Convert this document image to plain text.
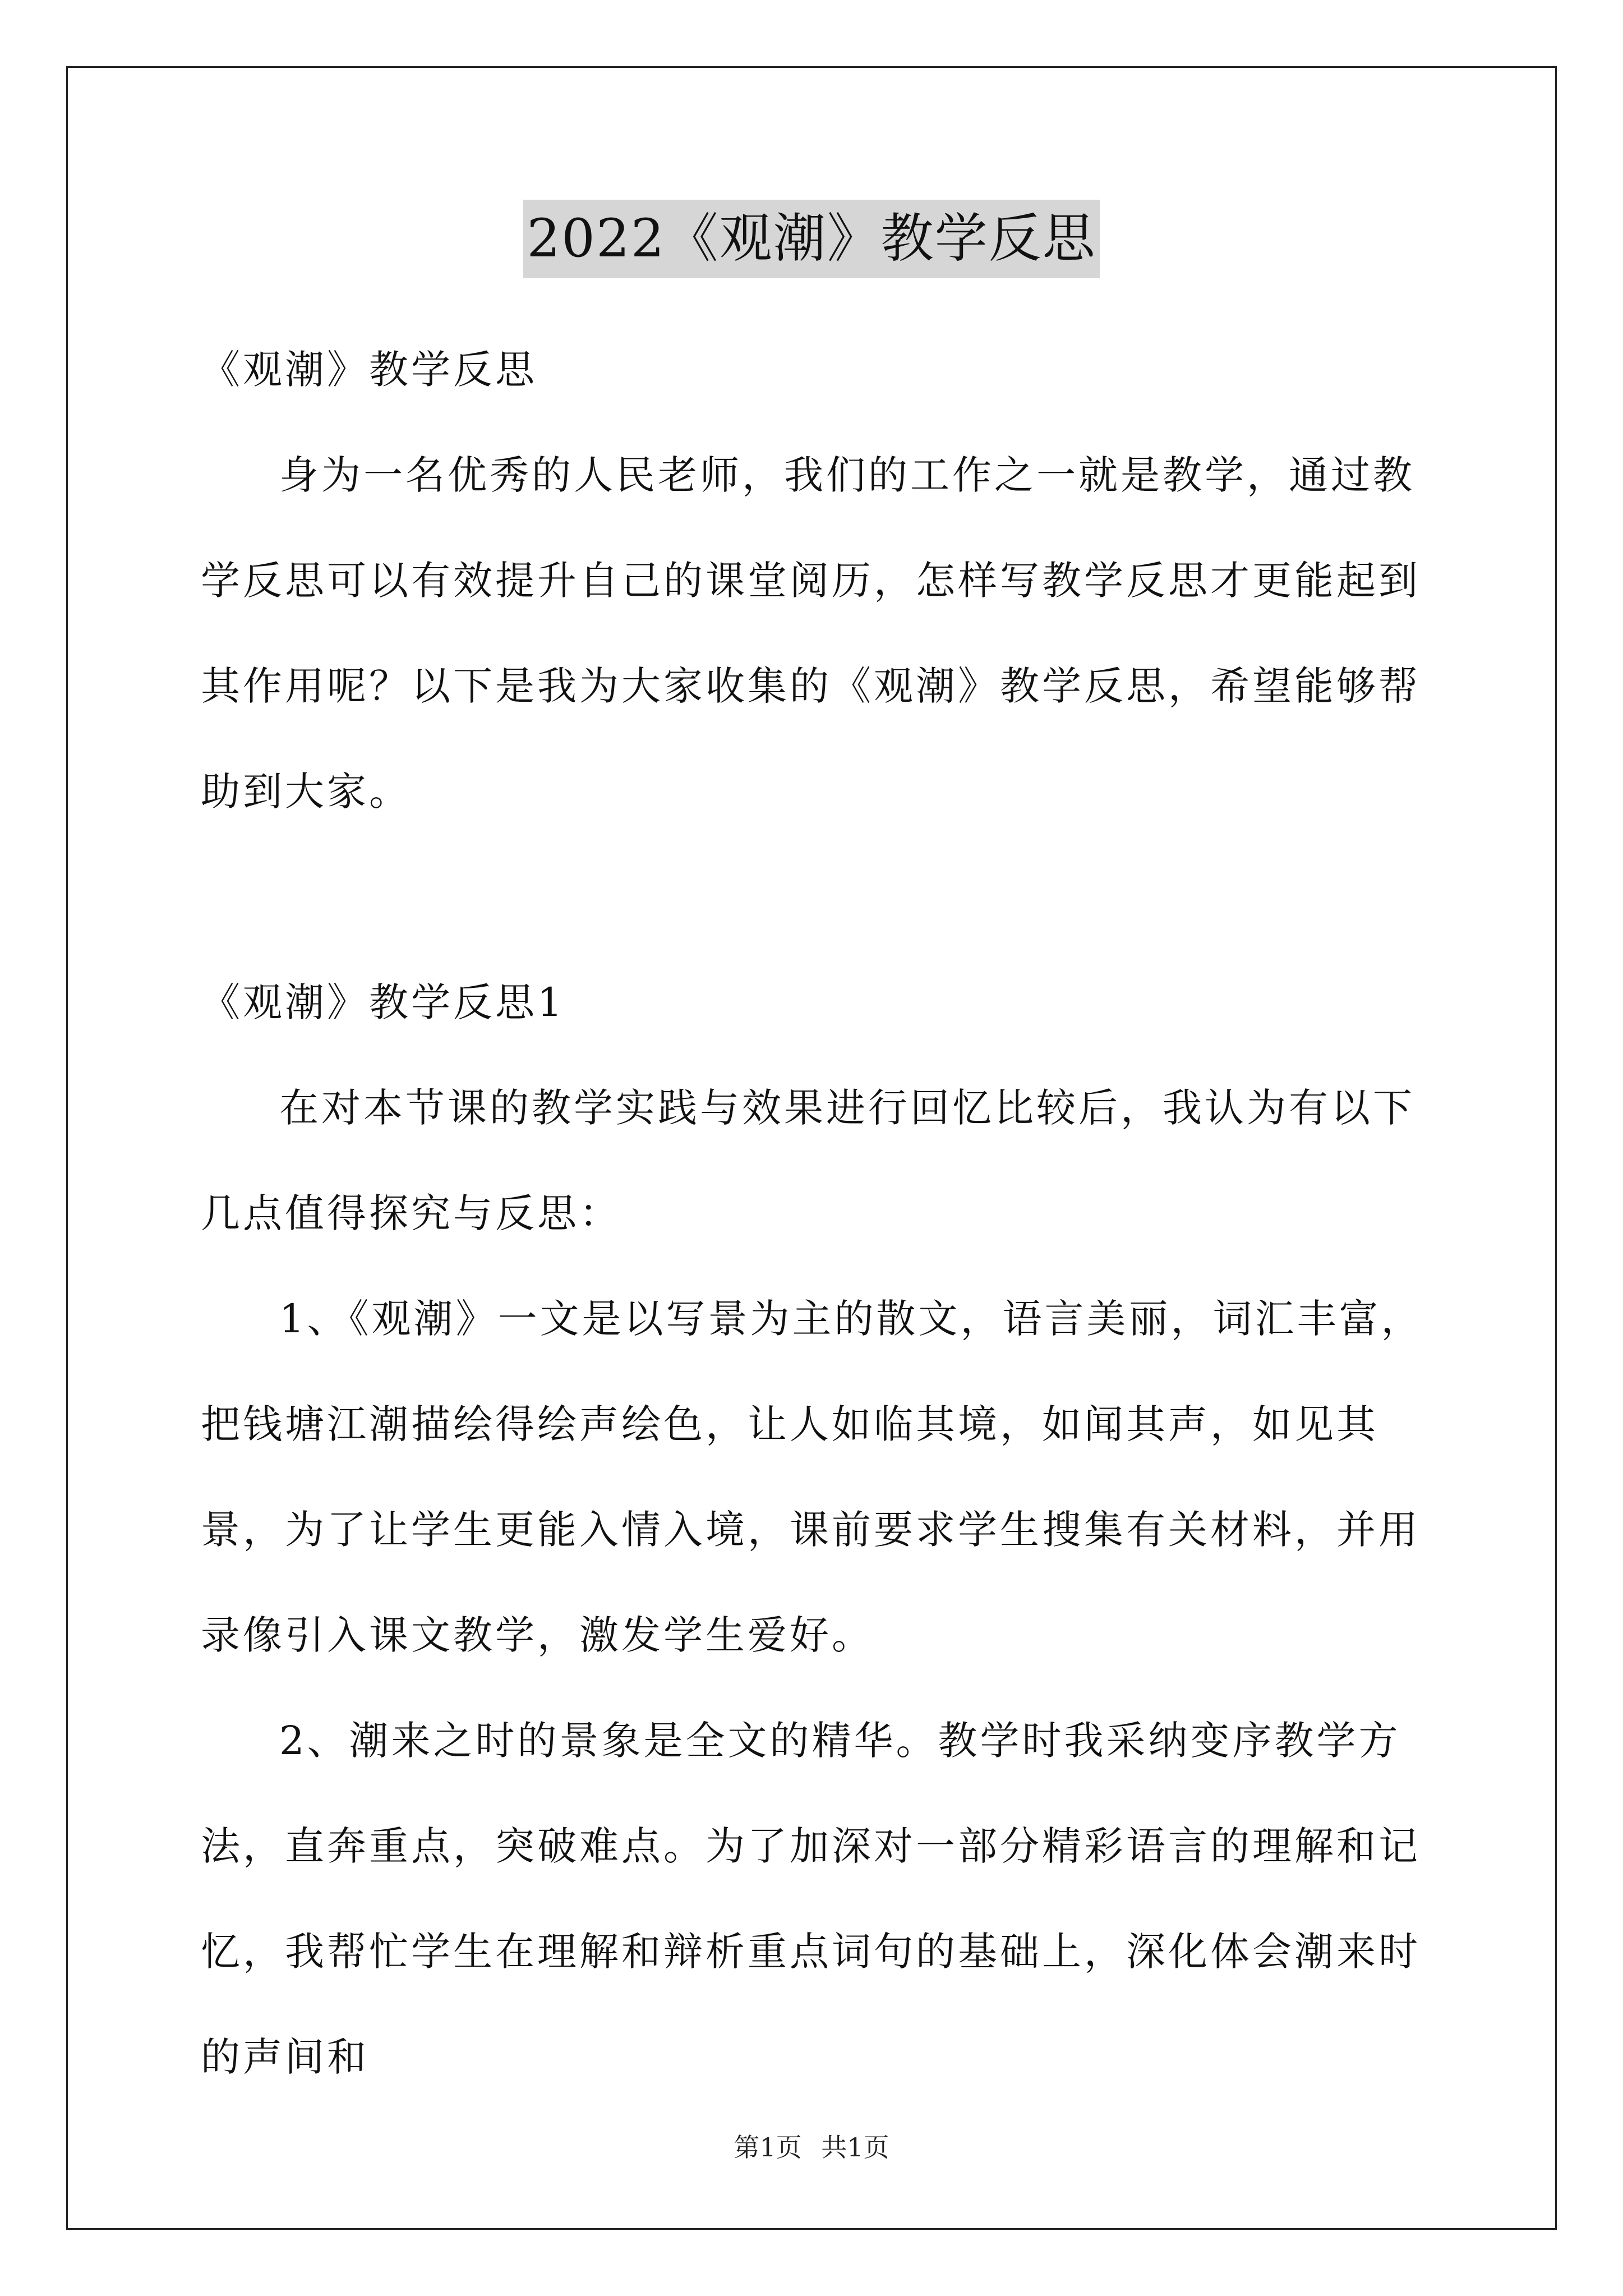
2022《观潮》教学反思

《观潮》教学反思

身为一名优秀的人民老师，我们的工作之一就是教学，通过教学反思可以有效提升自己的课堂阅历，怎样写教学反思才更能起到其作用呢？以下是我为大家收集的《观潮》教学反思，希望能够帮助到大家。

《观潮》教学反思1

在对本节课的教学实践与效果进行回忆比较后，我认为有以下几点值得探究与反思：

1、《观潮》一文是以写景为主的散文，语言美丽，词汇丰富，把钱塘江潮描绘得绘声绘色，让人如临其境，如闻其声，如见其景，为了让学生更能入情入境，课前要求学生搜集有关材料，并用录像引入课文教学，激发学生爱好。

2、潮来之时的景象是全文的精华。教学时我采纳变序教学方法，直奔重点，突破难点。为了加深对一部分精彩语言的理解和记忆，我帮忙学生在理解和辩析重点词句的基础上，深化体会潮来时的声间和

第1页 共1页
